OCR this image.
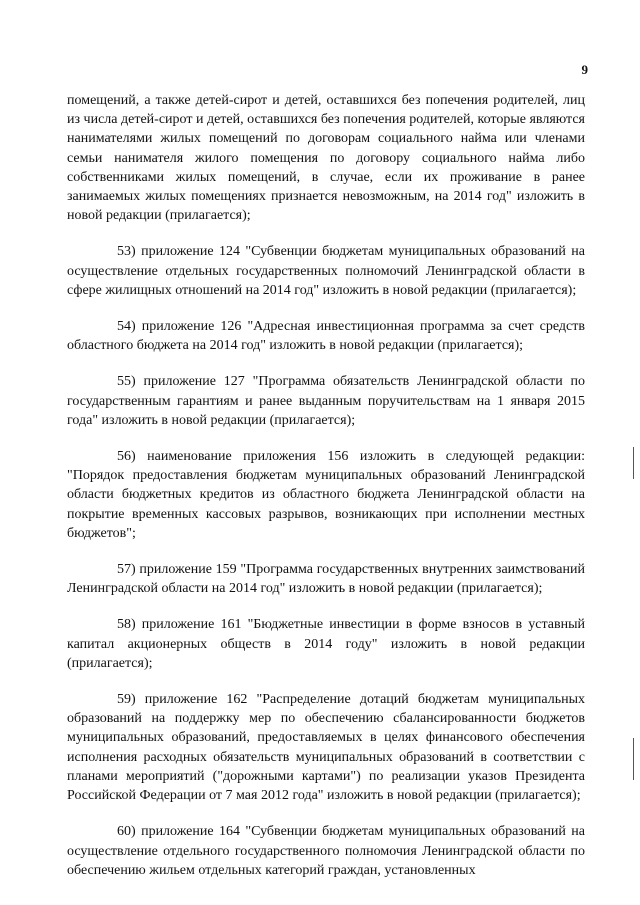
9

помещений, а также детей-сирот и детей, оставшихся без попечения родителей, лиц из числа детей-сирот и детей, оставшихся без попечения родителей, которые являются нанимателями жилых помещений по договорам социального найма или членами семьи нанимателя жилого помещения по договору социального найма либо собственниками жилых помещений, в случае, если их проживание в ранее занимаемых жилых помещениях признается невозможным, на 2014 год" изложить в новой редакции (прилагается);

53) приложение 124 "Субвенции бюджетам муниципальных образований на осуществление отдельных государственных полномочий Ленинградской области в сфере жилищных отношений на 2014 год" изложить в новой редакции (прилагается);

54) приложение 126 "Адресная инвестиционная программа за счет средств областного бюджета на 2014 год" изложить в новой редакции (прилагается);

55) приложение 127 "Программа обязательств Ленинградской области по государственным гарантиям и ранее выданным поручительствам на 1 января 2015 года" изложить в новой редакции (прилагается);

56) наименование приложения 156 изложить в следующей редакции: "Порядок предоставления бюджетам муниципальных образований Ленинградской области бюджетных кредитов из областного бюджета Ленинградской области на покрытие временных кассовых разрывов, возникающих при исполнении местных бюджетов";

57) приложение 159 "Программа государственных внутренних заимствований Ленинградской области на 2014 год" изложить в новой редакции (прилагается);

58) приложение 161 "Бюджетные инвестиции в форме взносов в уставный капитал акционерных обществ в 2014 году" изложить в новой редакции (прилагается);

59) приложение 162 "Распределение дотаций бюджетам муниципальных образований на поддержку мер по обеспечению сбалансированности бюджетов муниципальных образований, предоставляемых в целях финансового обеспечения исполнения расходных обязательств муниципальных образований в соответствии с планами мероприятий ("дорожными картами") по реализации указов Президента Российской Федерации от 7 мая 2012 года" изложить в новой редакции (прилагается);

60) приложение 164 "Субвенции бюджетам муниципальных образований на осуществление отдельного государственного полномочия Ленинградской области по обеспечению жильем отдельных категорий граждан, установленных
